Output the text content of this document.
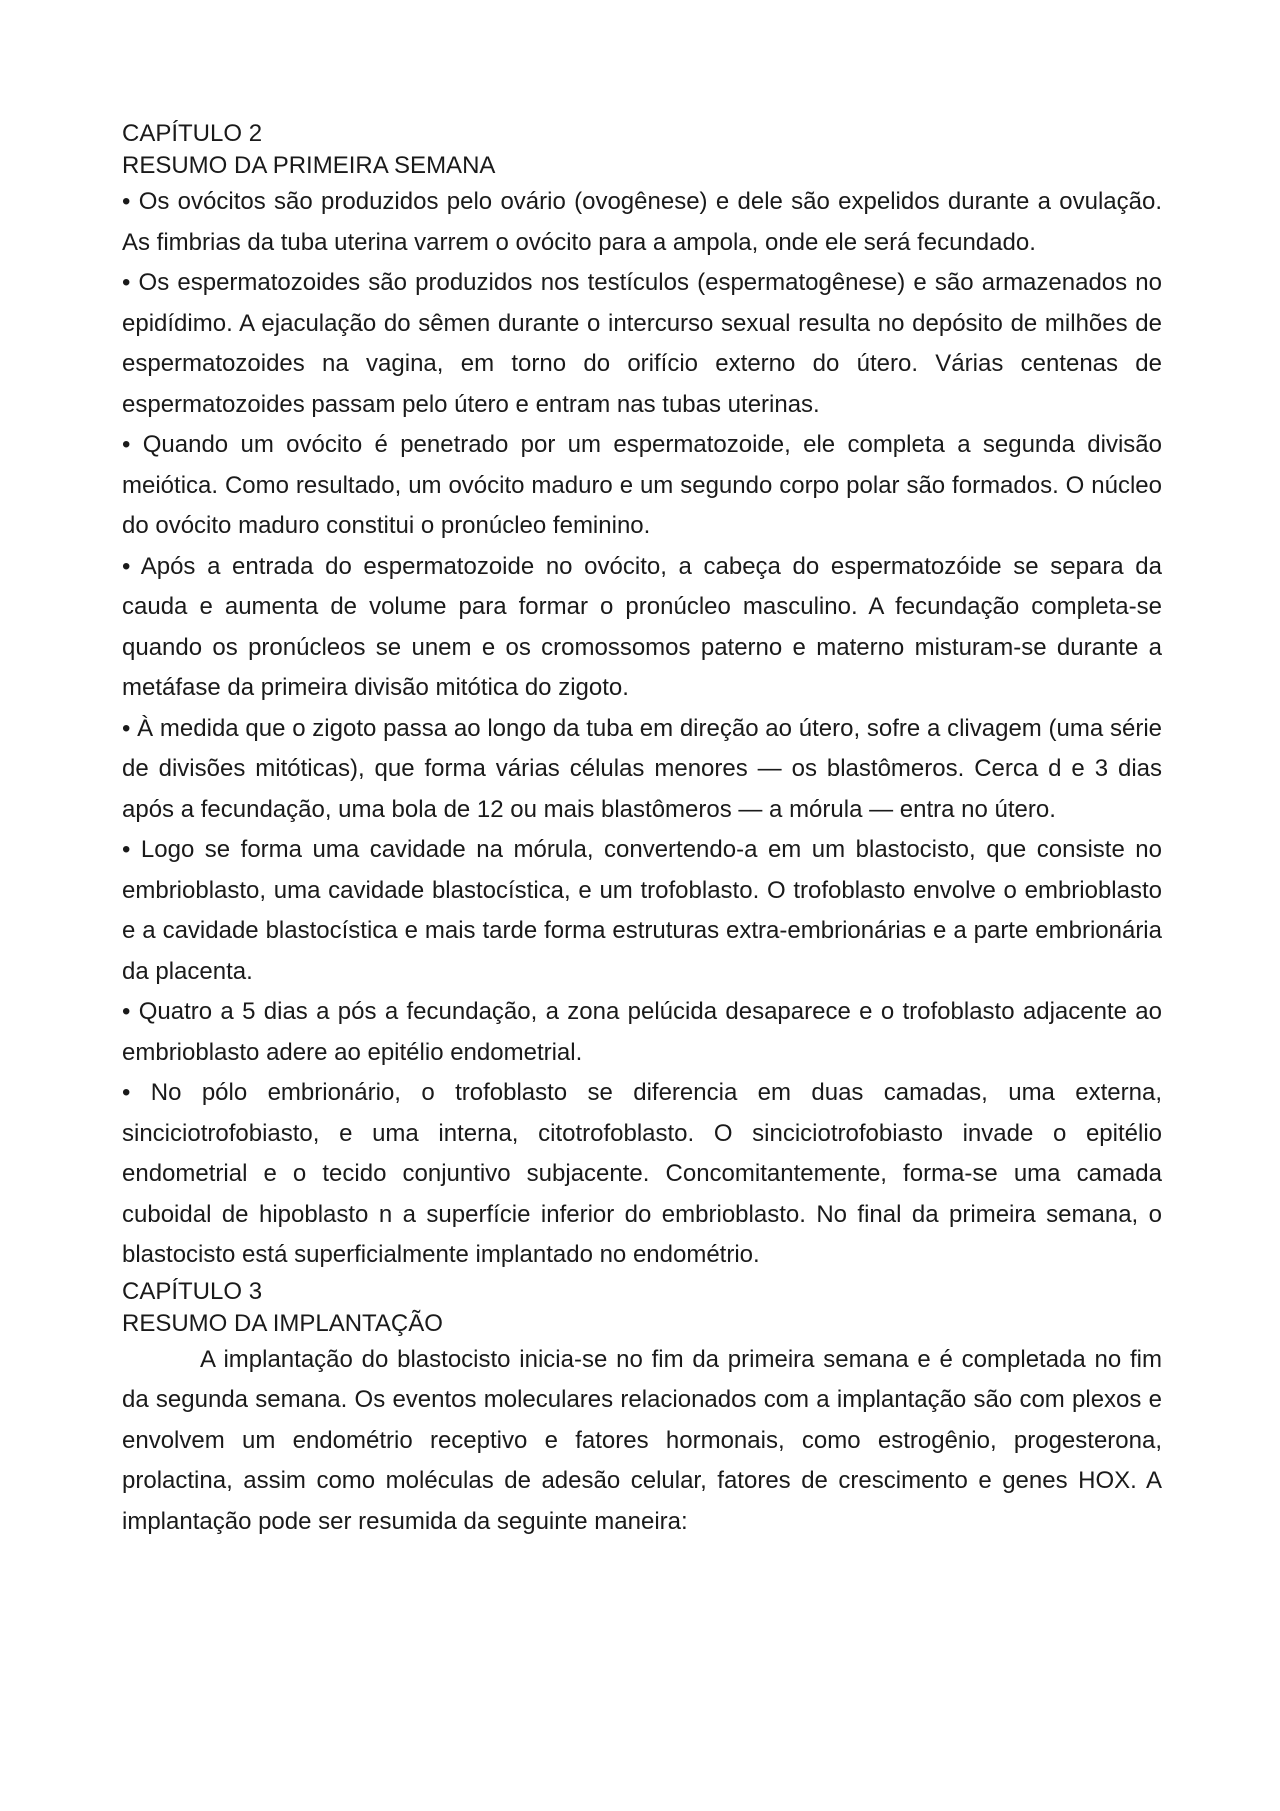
CAPÍTULO 2
RESUMO DA PRIMEIRA SEMANA

• Os ovócitos são produzidos pelo ovário (ovogênese) e dele são expelidos durante a ovulação. As fimbrias da tuba uterina varrem o ovócito para a ampola, onde ele será fecundado.

• Os espermatozoides são produzidos nos testículos (espermatogênese) e são armazenados no epidídimo. A ejaculação do sêmen durante o intercurso sexual resulta no depósito de milhões de espermatozoides na vagina, em torno do orifício externo do útero. Várias centenas de espermatozoides passam pelo útero e entram nas tubas uterinas.

• Quando um ovócito é penetrado por um espermatozoide, ele completa a segunda divisão meiótica. Como resultado, um ovócito maduro e um segundo corpo polar são formados. O núcleo do ovócito maduro constitui o pronúcleo feminino.

• Após a entrada do espermatozoide no ovócito, a cabeça do espermatozóide se separa da cauda e aumenta de volume para formar o pronúcleo masculino. A fecundação completa-se quando os pronúcleos se unem e os cromossomos paterno e materno misturam-se durante a metáfase da primeira divisão mitótica do zigoto.

• À medida que o zigoto passa ao longo da tuba em direção ao útero, sofre a clivagem (uma série de divisões mitóticas), que forma várias células menores — os blastômeros. Cerca d e 3 dias após a fecundação, uma bola de 12 ou mais blastômeros — a mórula — entra no útero.

• Logo se forma uma cavidade na mórula, convertendo-a em um blastocisto, que consiste no embrioblasto, uma cavidade blastocística, e um trofoblasto. O trofoblasto envolve o embrioblasto e a cavidade blastocística e mais tarde forma estruturas extra-embrionárias e a parte embrionária da placenta.

• Quatro a 5 dias a pós a fecundação, a zona pelúcida desaparece e o trofoblasto adjacente ao embrioblasto adere ao epitélio endometrial.

• No pólo embrionário, o trofoblasto se diferencia em duas camadas, uma externa, sinciciotrofobiasto, e uma interna, citotrofoblasto. O sinciciotrofobiasto invade o epitélio endometrial e o tecido conjuntivo subjacente. Concomitantemente, forma-se uma camada cuboidal de hipoblasto n a superfície inferior do embrioblasto. No final da primeira semana, o blastocisto está superficialmente implantado no endométrio.

CAPÍTULO 3
RESUMO DA IMPLANTAÇÃO

A implantação do blastocisto inicia-se no fim da primeira semana e é completada no fim da segunda semana. Os eventos moleculares relacionados com a implantação são com plexos e envolvem um endométrio receptivo e fatores hormonais, como estrogênio, progesterona, prolactina, assim como moléculas de adesão celular, fatores de crescimento e genes HOX. A implantação pode ser resumida da seguinte maneira:
